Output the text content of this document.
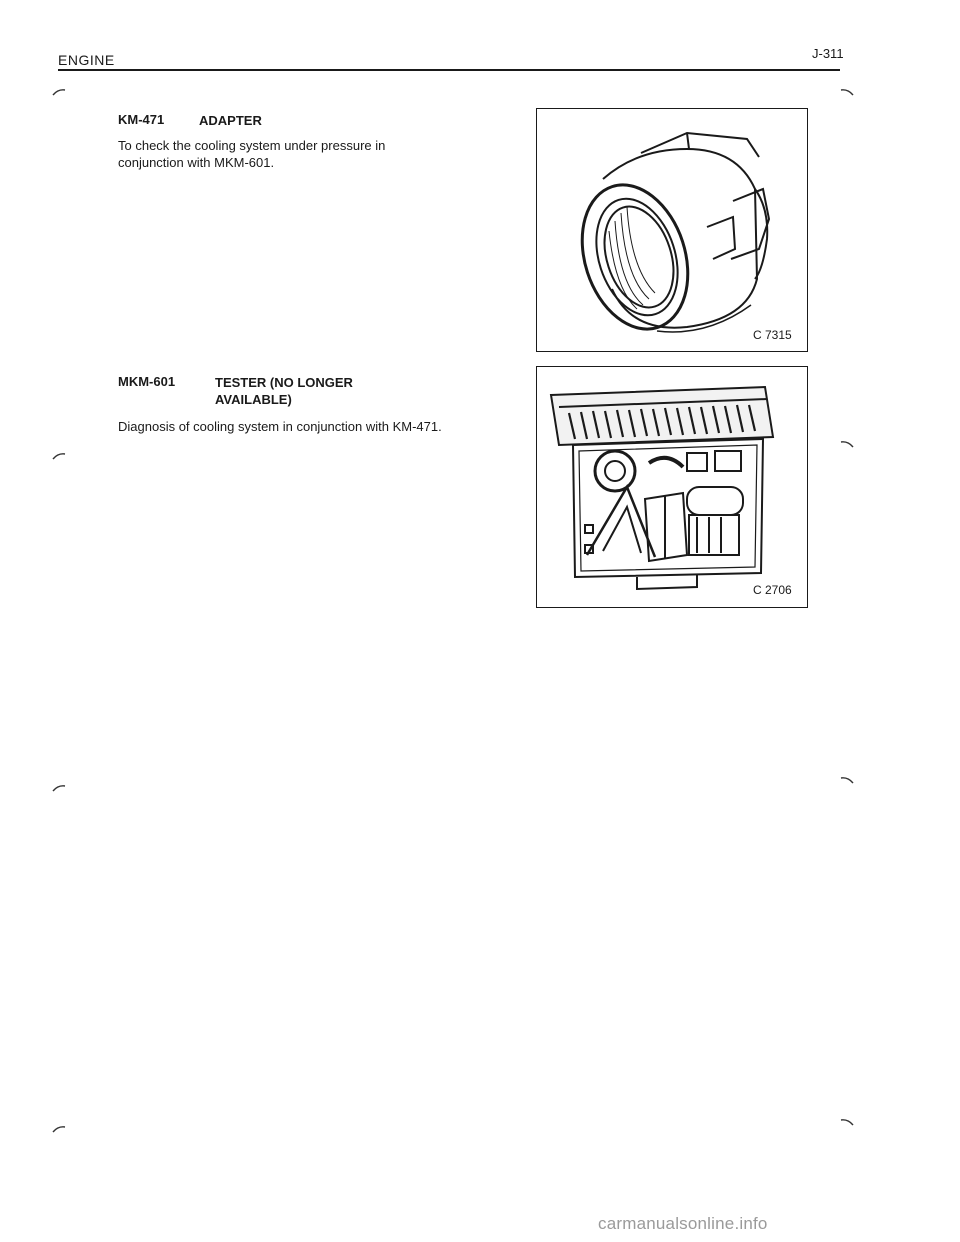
ENGINE	J-311
KM-471	ADAPTER
To check the cooling system under pressure in conjunction with MKM-601.
MKM-601	TESTER (NO LONGER AVAILABLE)
Diagnosis of cooling system in conjunction with KM-471.
C 7315
C 2706
carmanualsonline.info
